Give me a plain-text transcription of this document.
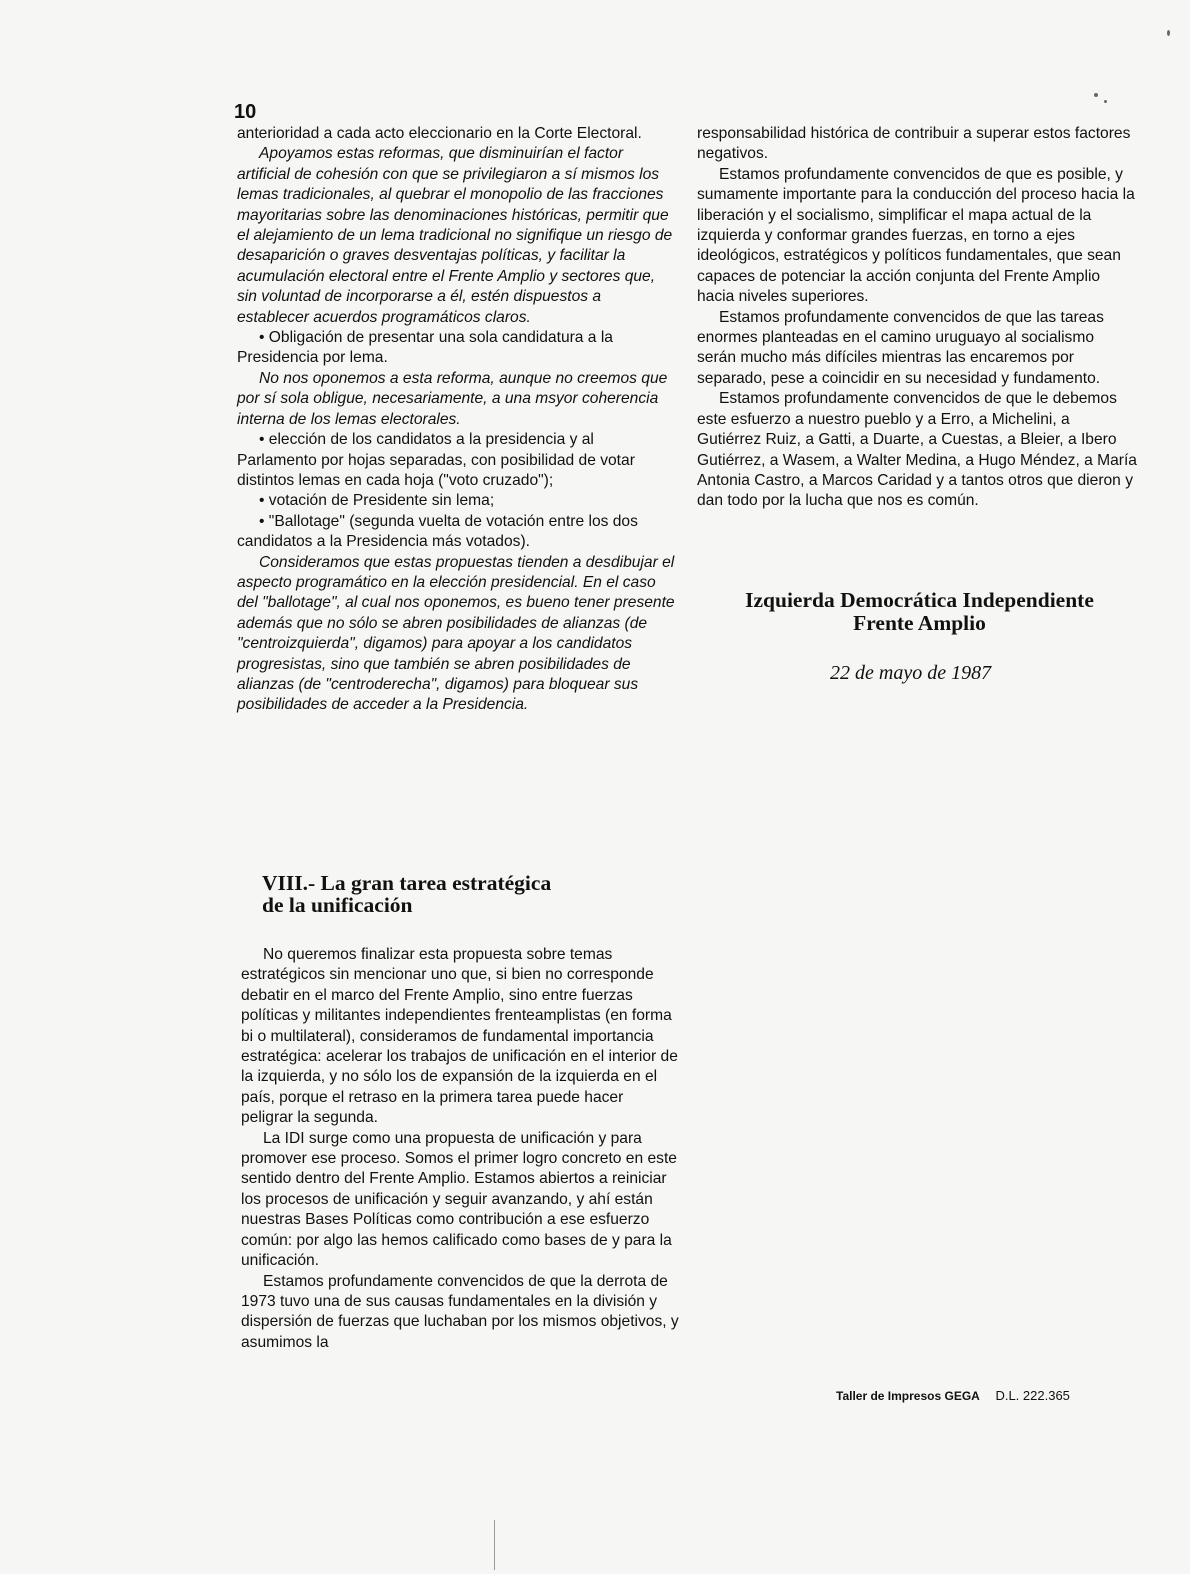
10

anterioridad a cada acto eleccionario en la Corte Electoral.

Apoyamos estas reformas, que disminuirían el factor artificial de cohesión con que se privilegiaron a sí mismos los lemas tradicionales, al quebrar el monopolio de las fracciones mayoritarias sobre las denominaciones históricas, permitir que el alejamiento de un lema tradicional no signifique un riesgo de desaparición o graves desventajas políticas, y facilitar la acumulación electoral entre el Frente Amplio y sectores que, sin voluntad de incorporarse a él, estén dispuestos a establecer acuerdos programáticos claros.

• Obligación de presentar una sola candidatura a la Presidencia por lema.

No nos oponemos a esta reforma, aunque no creemos que por sí sola obligue, necesariamente, a una msyor coherencia interna de los lemas electorales.

• elección de los candidatos a la presidencia y al Parlamento por hojas separadas, con posibilidad de votar distintos lemas en cada hoja ("voto cruzado");

• votación de Presidente sin lema;

• "Ballotage" (segunda vuelta de votación entre los dos candidatos a la Presidencia más votados).

Consideramos que estas propuestas tienden a desdibujar el aspecto programático en la elección presidencial. En el caso del "ballotage", al cual nos oponemos, es bueno tener presente además que no sólo se abren posibilidades de alianzas (de "centroizquierda", digamos) para apoyar a los candidatos progresistas, sino que también se abren posibilidades de alianzas (de "centroderecha", digamos) para bloquear sus posibilidades de acceder a la Presidencia.

VIII.- La gran tarea estratégica
de la unificación

No queremos finalizar esta propuesta sobre temas estratégicos sin mencionar uno que, si bien no corresponde debatir en el marco del Frente Amplio, sino entre fuerzas políticas y militantes independientes frenteamplistas (en forma bi o multilateral), consideramos de fundamental importancia estratégica: acelerar los trabajos de unificación en el interior de la izquierda, y no sólo los de expansión de la izquierda en el país, porque el retraso en la primera tarea puede hacer peligrar la segunda.

La IDI surge como una propuesta de unificación y para promover ese proceso. Somos el primer logro concreto en este sentido dentro del Frente Amplio. Estamos abiertos a reiniciar los procesos de unificación y seguir avanzando, y ahí están nuestras Bases Políticas como contribución a ese esfuerzo común: por algo las hemos calificado como bases de y para la unificación.

Estamos profundamente convencidos de que la derrota de 1973 tuvo una de sus causas fundamentales en la división y dispersión de fuerzas que luchaban por los mismos objetivos, y asumimos la

responsabilidad histórica de contribuir a superar estos factores negativos.

Estamos profundamente convencidos de que es posible, y sumamente importante para la conducción del proceso hacia la liberación y el socialismo, simplificar el mapa actual de la izquierda y conformar grandes fuerzas, en torno a ejes ideológicos, estratégicos y políticos fundamentales, que sean capaces de potenciar la acción conjunta del Frente Amplio hacia niveles superiores.

Estamos profundamente convencidos de que las tareas enormes planteadas en el camino uruguayo al socialismo serán mucho más difíciles mientras las encaremos por separado, pese a coincidir en su necesidad y fundamento.

Estamos profundamente convencidos de que le debemos este esfuerzo a nuestro pueblo y a Erro, a Michelini, a Gutiérrez Ruiz, a Gatti, a Duarte, a Cuestas, a Bleier, a Ibero Gutiérrez, a Wasem, a Walter Medina, a Hugo Méndez, a María Antonia Castro, a Marcos Caridad y a tantos otros que dieron y dan todo por la lucha que nos es común.

Izquierda Democrática Independiente
Frente Amplio

22 de mayo de 1987

Taller de Impresos GEGA D.L. 222.365
